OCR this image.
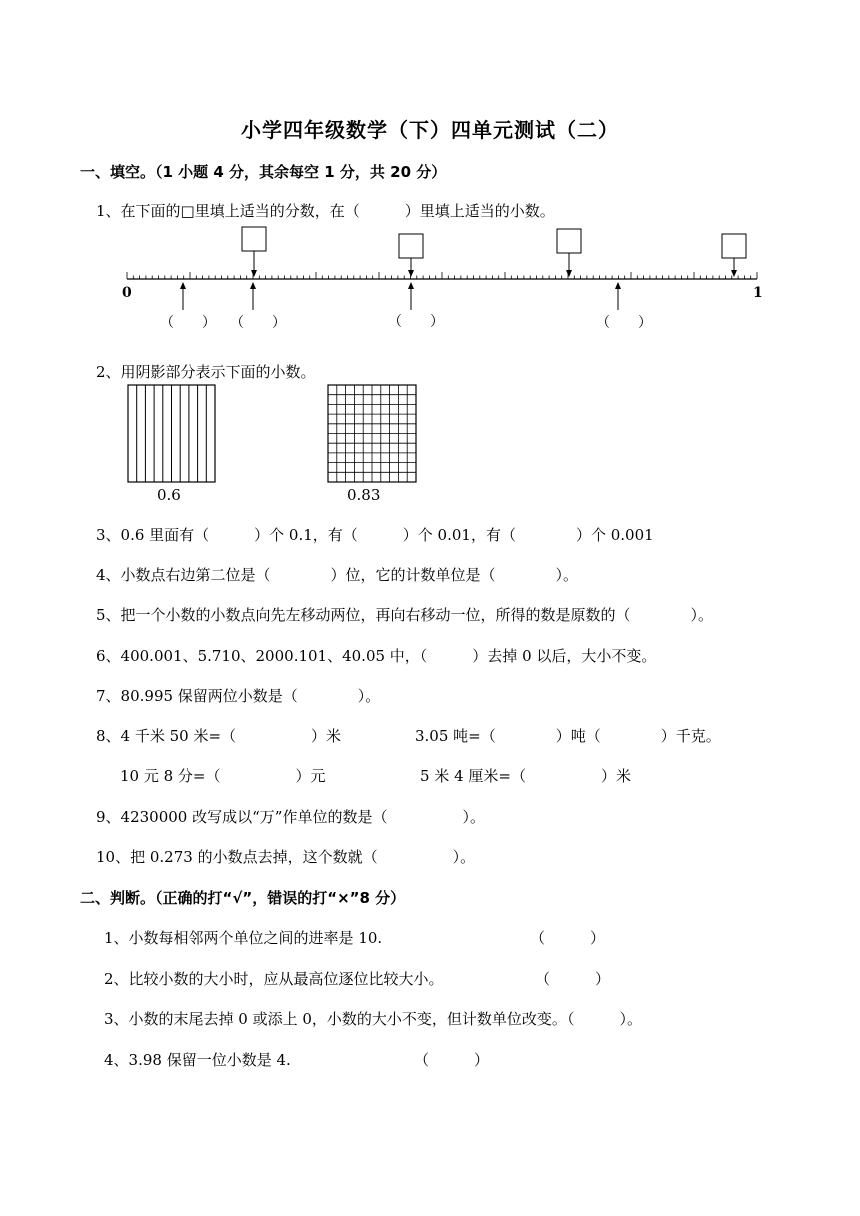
小学四年级数学（下）四单元测试（二）
一、填空。（1 小题 4 分，其余每空 1 分，共 20 分）
1、在下面的□里填上适当的分数，在（　　　）里填上适当的小数。
0	1
（　　） （　　）	（　　）	（　　）
2、用阴影部分表示下面的小数。
0.6	0.83
3、0.6 里面有（　　　）个 0.1，有（　　　）个 0.01，有（　　　　）个 0.001
4、小数点右边第二位是（　　　　）位，它的计数单位是（　　　　）。
5、把一个小数的小数点向先左移动两位，再向右移动一位，所得的数是原数的（　　　　）。
6、400.001、5.710、2000.101、40.05 中，（　　　）去掉 0 以后，大小不变。
7、80.995 保留两位小数是（　　　　）。
8、4 千米 50 米=（　　　　　）米	3.05 吨=（　　　　）吨（　　　　）千克。
10 元 8 分=（　　　　　）元	5 米 4 厘米=（　　　　　）米
9、4230000 改写成以“万”作单位的数是（　　　　　）。
10、把 0.273 的小数点去掉，这个数就（　　　　　）。
二、判断。（正确的打“√”，错误的打“×”8 分）
1、小数每相邻两个单位之间的进率是 10.	（　　　）
2、比较小数的大小时，应从最高位逐位比较大小。	（　　　）
3、小数的末尾去掉 0 或添上 0，小数的大小不变，但计数单位改变。（　　　）。
4、3.98 保留一位小数是 4.	（　　　）
